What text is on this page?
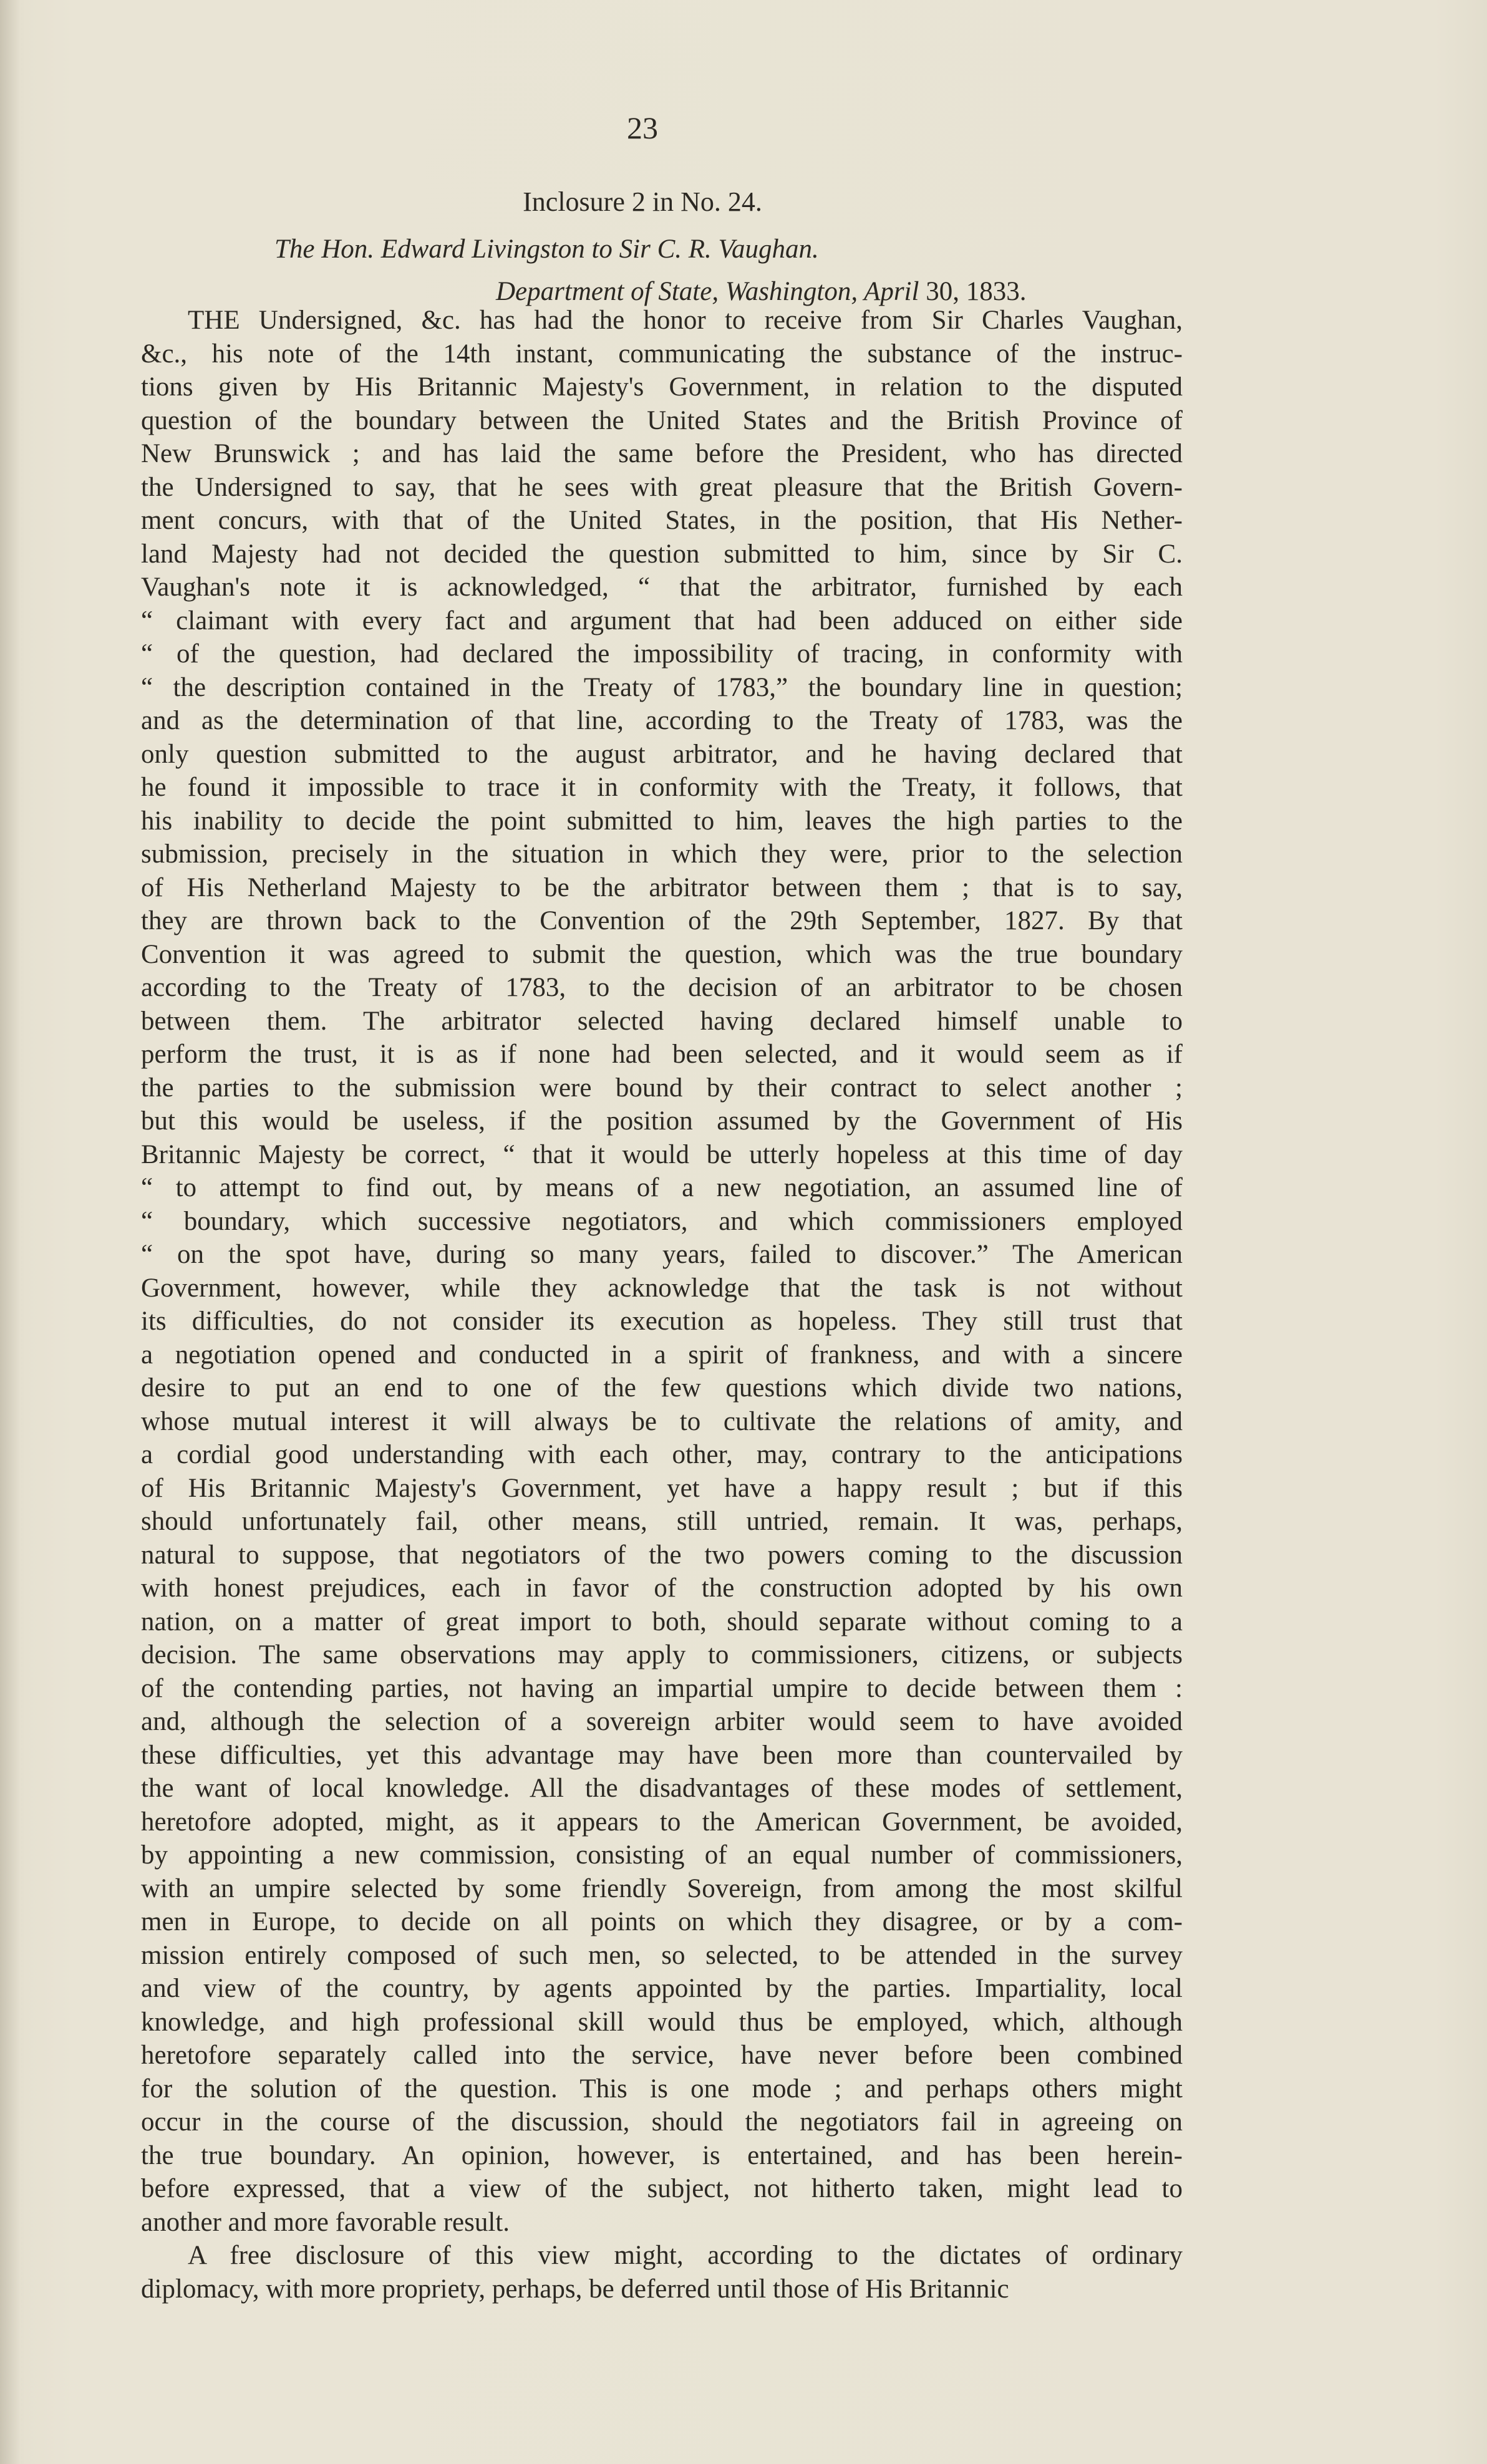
23
Inclosure 2 in No. 24.
The Hon. Edward Livingston to Sir C. R. Vaughan.
Department of State, Washington, April 30, 1833.
THE Undersigned, &c. has had the honor to receive from Sir Charles Vaughan,
&c., his note of the 14th instant, communicating the substance of the instruc-
tions given by His Britannic Majesty's Government, in relation to the disputed
question of the boundary between the United States and the British Province of
New Brunswick ; and has laid the same before the President, who has directed
the Undersigned to say, that he sees with great pleasure that the British Govern-
ment concurs, with that of the United States, in the position, that His Nether-
land Majesty had not decided the question submitted to him, since by Sir C.
Vaughan's note it is acknowledged, “ that the arbitrator, furnished by each
“ claimant with every fact and argument that had been adduced on either side
“ of the question, had declared the impossibility of tracing, in conformity with
“ the description contained in the Treaty of 1783,” the boundary line in question;
and as the determination of that line, according to the Treaty of 1783, was the
only question submitted to the august arbitrator, and he having declared that
he found it impossible to trace it in conformity with the Treaty, it follows, that
his inability to decide the point submitted to him, leaves the high parties to the
submission, precisely in the situation in which they were, prior to the selection
of His Netherland Majesty to be the arbitrator between them ; that is to say,
they are thrown back to the Convention of the 29th September, 1827. By that
Convention it was agreed to submit the question, which was the true boundary
according to the Treaty of 1783, to the decision of an arbitrator to be chosen
between them. The arbitrator selected having declared himself unable to
perform the trust, it is as if none had been selected, and it would seem as if
the parties to the submission were bound by their contract to select another ;
but this would be useless, if the position assumed by the Government of His
Britannic Majesty be correct, “ that it would be utterly hopeless at this time of day
“ to attempt to find out, by means of a new negotiation, an assumed line of
“ boundary, which successive negotiators, and which commissioners employed
“ on the spot have, during so many years, failed to discover.” The American
Government, however, while they acknowledge that the task is not without
its difficulties, do not consider its execution as hopeless. They still trust that
a negotiation opened and conducted in a spirit of frankness, and with a sincere
desire to put an end to one of the few questions which divide two nations,
whose mutual interest it will always be to cultivate the relations of amity, and
a cordial good understanding with each other, may, contrary to the anticipations
of His Britannic Majesty's Government, yet have a happy result ; but if this
should unfortunately fail, other means, still untried, remain. It was, perhaps,
natural to suppose, that negotiators of the two powers coming to the discussion
with honest prejudices, each in favor of the construction adopted by his own
nation, on a matter of great import to both, should separate without coming to a
decision. The same observations may apply to commissioners, citizens, or subjects
of the contending parties, not having an impartial umpire to decide between them :
and, although the selection of a sovereign arbiter would seem to have avoided
these difficulties, yet this advantage may have been more than countervailed by
the want of local knowledge. All the disadvantages of these modes of settlement,
heretofore adopted, might, as it appears to the American Government, be avoided,
by appointing a new commission, consisting of an equal number of commissioners,
with an umpire selected by some friendly Sovereign, from among the most skilful
men in Europe, to decide on all points on which they disagree, or by a com-
mission entirely composed of such men, so selected, to be attended in the survey
and view of the country, by agents appointed by the parties. Impartiality, local
knowledge, and high professional skill would thus be employed, which, although
heretofore separately called into the service, have never before been combined
for the solution of the question. This is one mode ; and perhaps others might
occur in the course of the discussion, should the negotiators fail in agreeing on
the true boundary. An opinion, however, is entertained, and has been herein-
before expressed, that a view of the subject, not hitherto taken, might lead to
another and more favorable result.
A free disclosure of this view might, according to the dictates of ordinary
diplomacy, with more propriety, perhaps, be deferred until those of His Britannic
